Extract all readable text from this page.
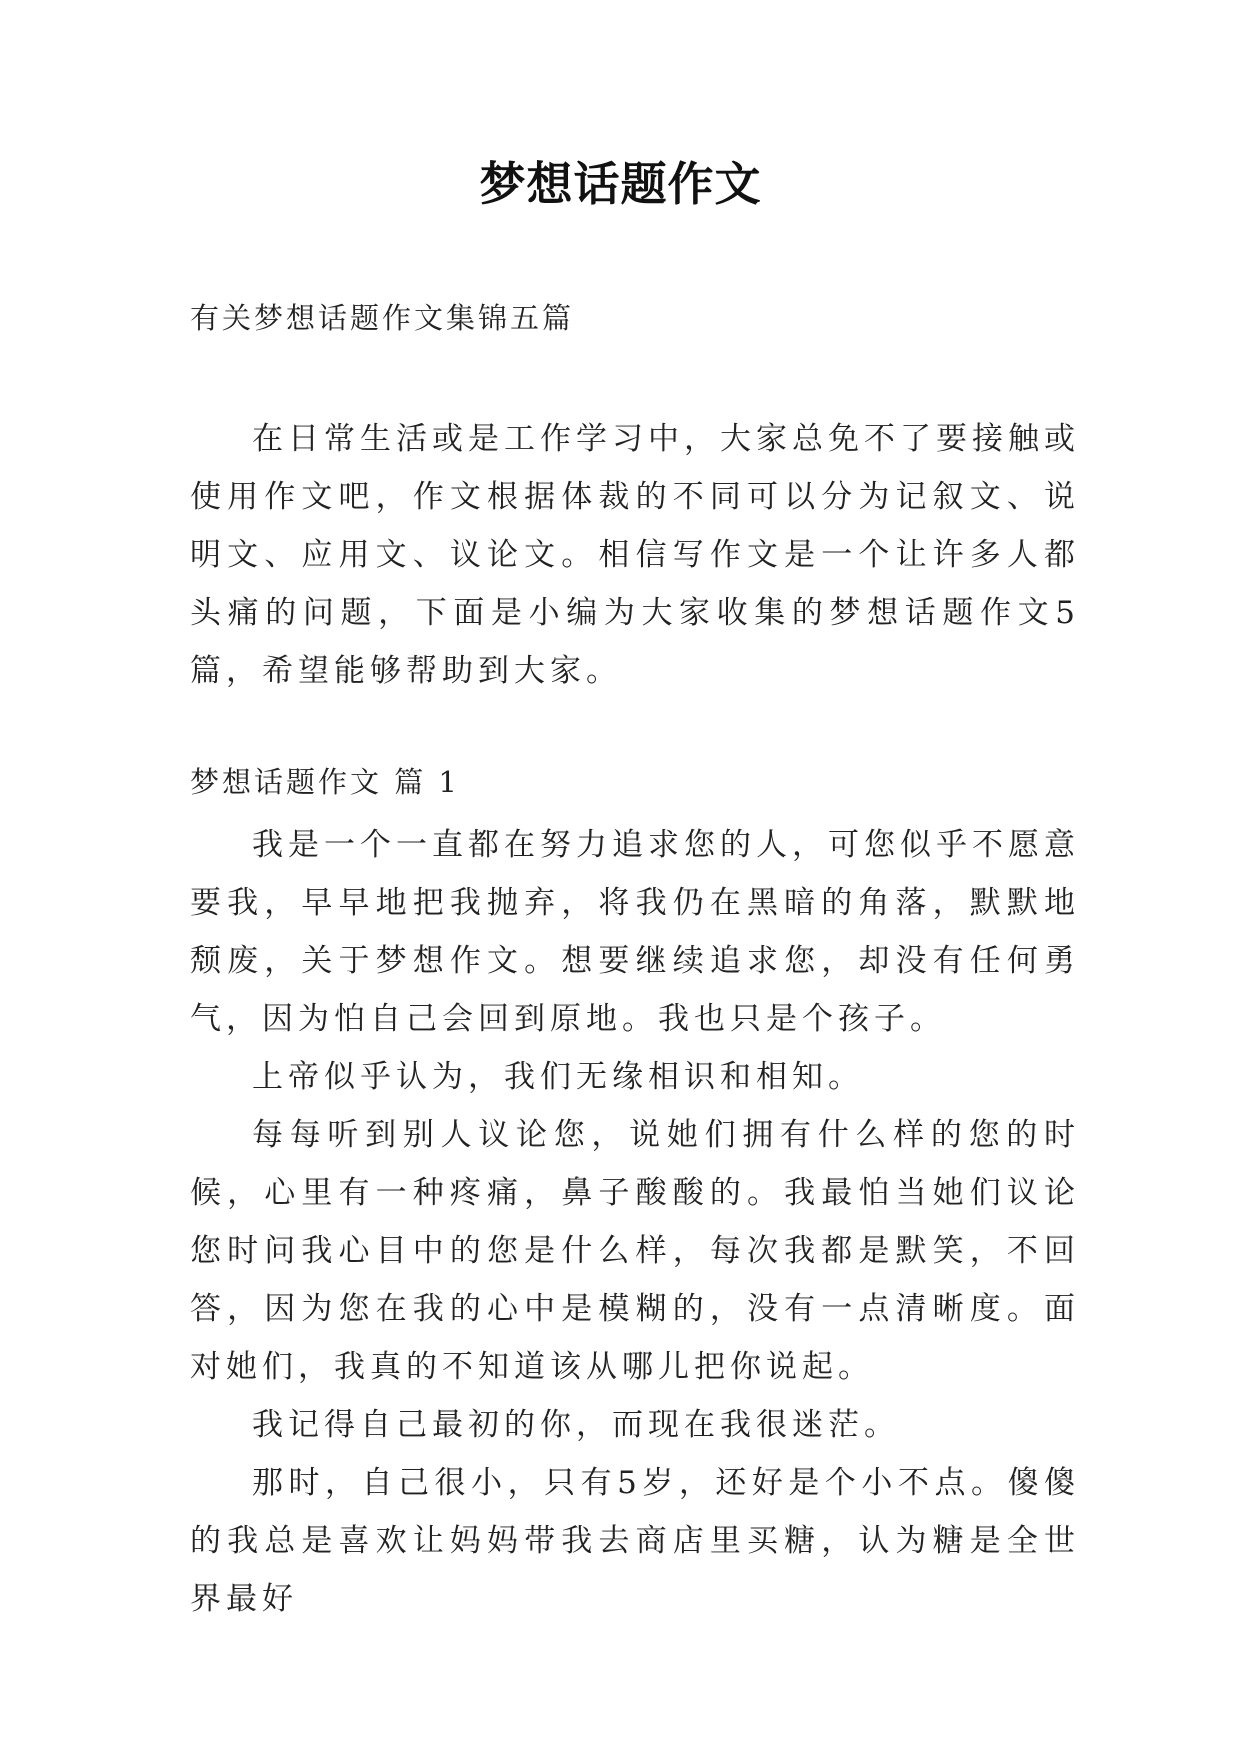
梦想话题作文
有关梦想话题作文集锦五篇

在日常生活或是工作学习中，大家总免不了要接触或使用作文吧，作文根据体裁的不同可以分为记叙文、说明文、应用文、议论文。相信写作文是一个让许多人都头痛的问题，下面是小编为大家收集的梦想话题作文5篇，希望能够帮助到大家。

梦想话题作文 篇 1

我是一个一直都在努力追求您的人，可您似乎不愿意要我，早早地把我抛弃，将我仍在黑暗的角落，默默地颓废，关于梦想作文。想要继续追求您，却没有任何勇气，因为怕自己会回到原地。我也只是个孩子。

上帝似乎认为，我们无缘相识和相知。

每每听到别人议论您，说她们拥有什么样的您的时候，心里有一种疼痛，鼻子酸酸的。我最怕当她们议论您时问我心目中的您是什么样，每次我都是默笑，不回答，因为您在我的心中是模糊的，没有一点清晰度。面对她们，我真的不知道该从哪儿把你说起。

我记得自己最初的你，而现在我很迷茫。

那时，自己很小，只有5岁，还好是个小不点。傻傻的我总是喜欢让妈妈带我去商店里买糖，认为糖是全世界最好
